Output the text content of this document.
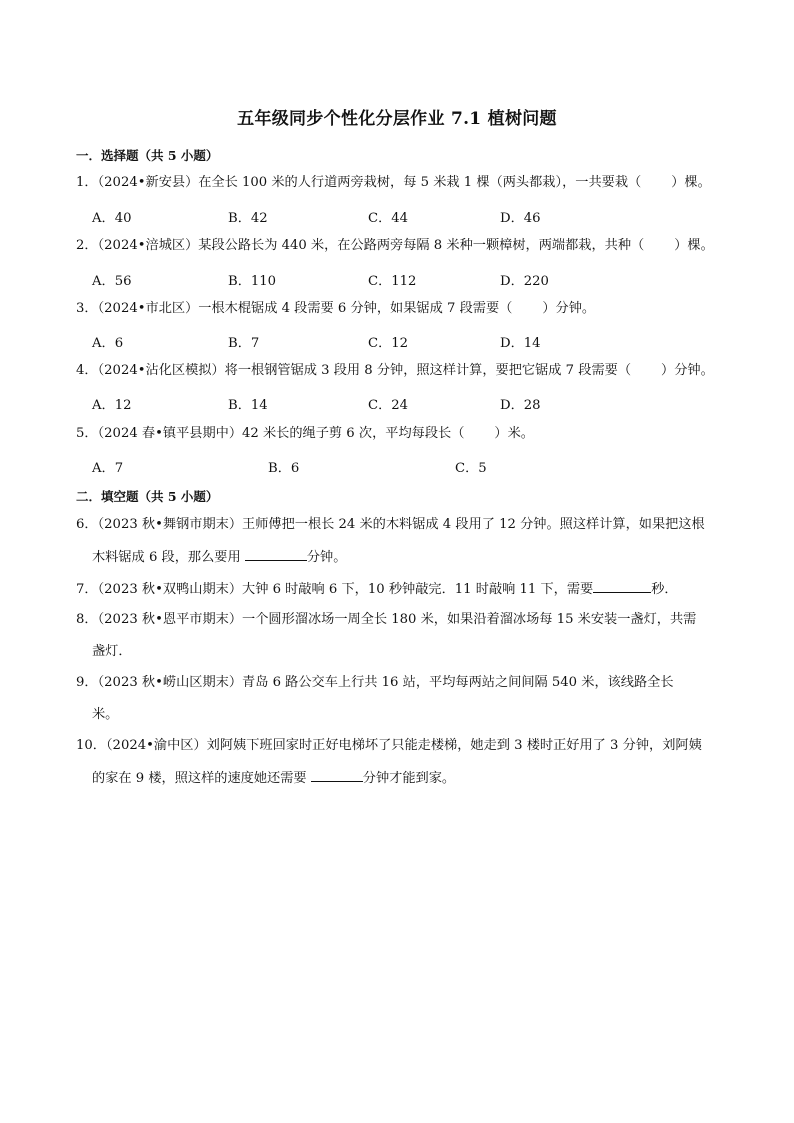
五年级同步个性化分层作业 7.1 植树问题
一．选择题（共 5 小题）
1．（2024•新安县）在全长 100 米的人行道两旁栽树，每 5 米栽 1 棵（两头都栽），一共要栽（ ）棵。
A．40	B．42	C．44	D．46
2．（2024•涪城区）某段公路长为 440 米，在公路两旁每隔 8 米种一颗樟树，两端都栽，共种（ ）棵。
A．56	B．110	C．112	D．220
3．（2024•市北区）一根木棍锯成 4 段需要 6 分钟，如果锯成 7 段需要（ ）分钟。
A．6	B．7	C．12	D．14
4．（2024•沾化区模拟）将一根钢管锯成 3 段用 8 分钟，照这样计算，要把它锯成 7 段需要（ ）分钟。
A．12	B．14	C．24	D．28
5．（2024 春•镇平县期中）42 米长的绳子剪 6 次，平均每段长（ ）米。
A．7	B．6	C．5
二．填空题（共 5 小题）
6．（2023 秋•舞钢市期末）王师傅把一根长 24 米的木料锯成 4 段用了 12 分钟。照这样计算，如果把这根
木料锯成 6 段，那么要用	分钟。
7．（2023 秋•双鸭山期末）大钟 6 时敲响 6 下，10 秒钟敲完．11 时敲响 11 下，需要	秒．
8．（2023 秋•恩平市期末）一个圆形溜冰场一周全长 180 米，如果沿着溜冰场每 15 米安装一盏灯，共需
盏灯．
9．（2023 秋•崂山区期末）青岛 6 路公交车上行共 16 站，平均每两站之间间隔 540 米，该线路全长
米。
10．（2024•渝中区）刘阿姨下班回家时正好电梯坏了只能走楼梯，她走到 3 楼时正好用了 3 分钟，刘阿姨
的家在 9 楼，照这样的速度她还需要	分钟才能到家。
